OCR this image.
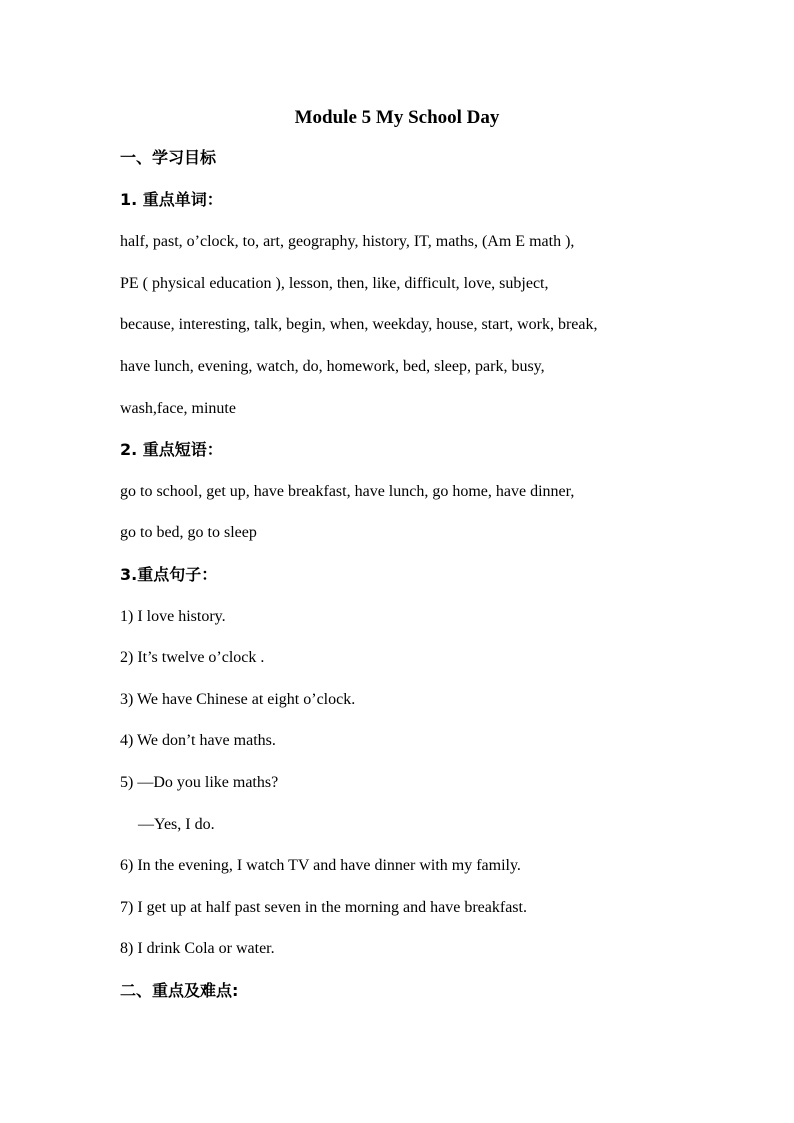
Module 5 My School Day
一、学习目标
1. 重点单词：
half, past, o’clock, to, art, geography, history, IT, maths, (Am E math ),
PE ( physical education ), lesson, then, like, difficult, love, subject,
because, interesting, talk, begin, when, weekday, house, start, work, break,
have lunch, evening, watch, do, homework, bed, sleep, park, busy,
wash,face, minute
2. 重点短语：
go to school, get up, have breakfast, have lunch, go home, have dinner,
go to bed, go to sleep
3.重点句子：
1) I love history.
2) It’s twelve o’clock .
3) We have Chinese at eight o’clock.
4) We don’t have maths.
5) —Do you like maths?
—Yes, I do.
6) In the evening, I watch TV and have dinner with my family.
7) I get up at half past seven in the morning and have breakfast.
8) I drink Cola or water.
二、重点及难点:
